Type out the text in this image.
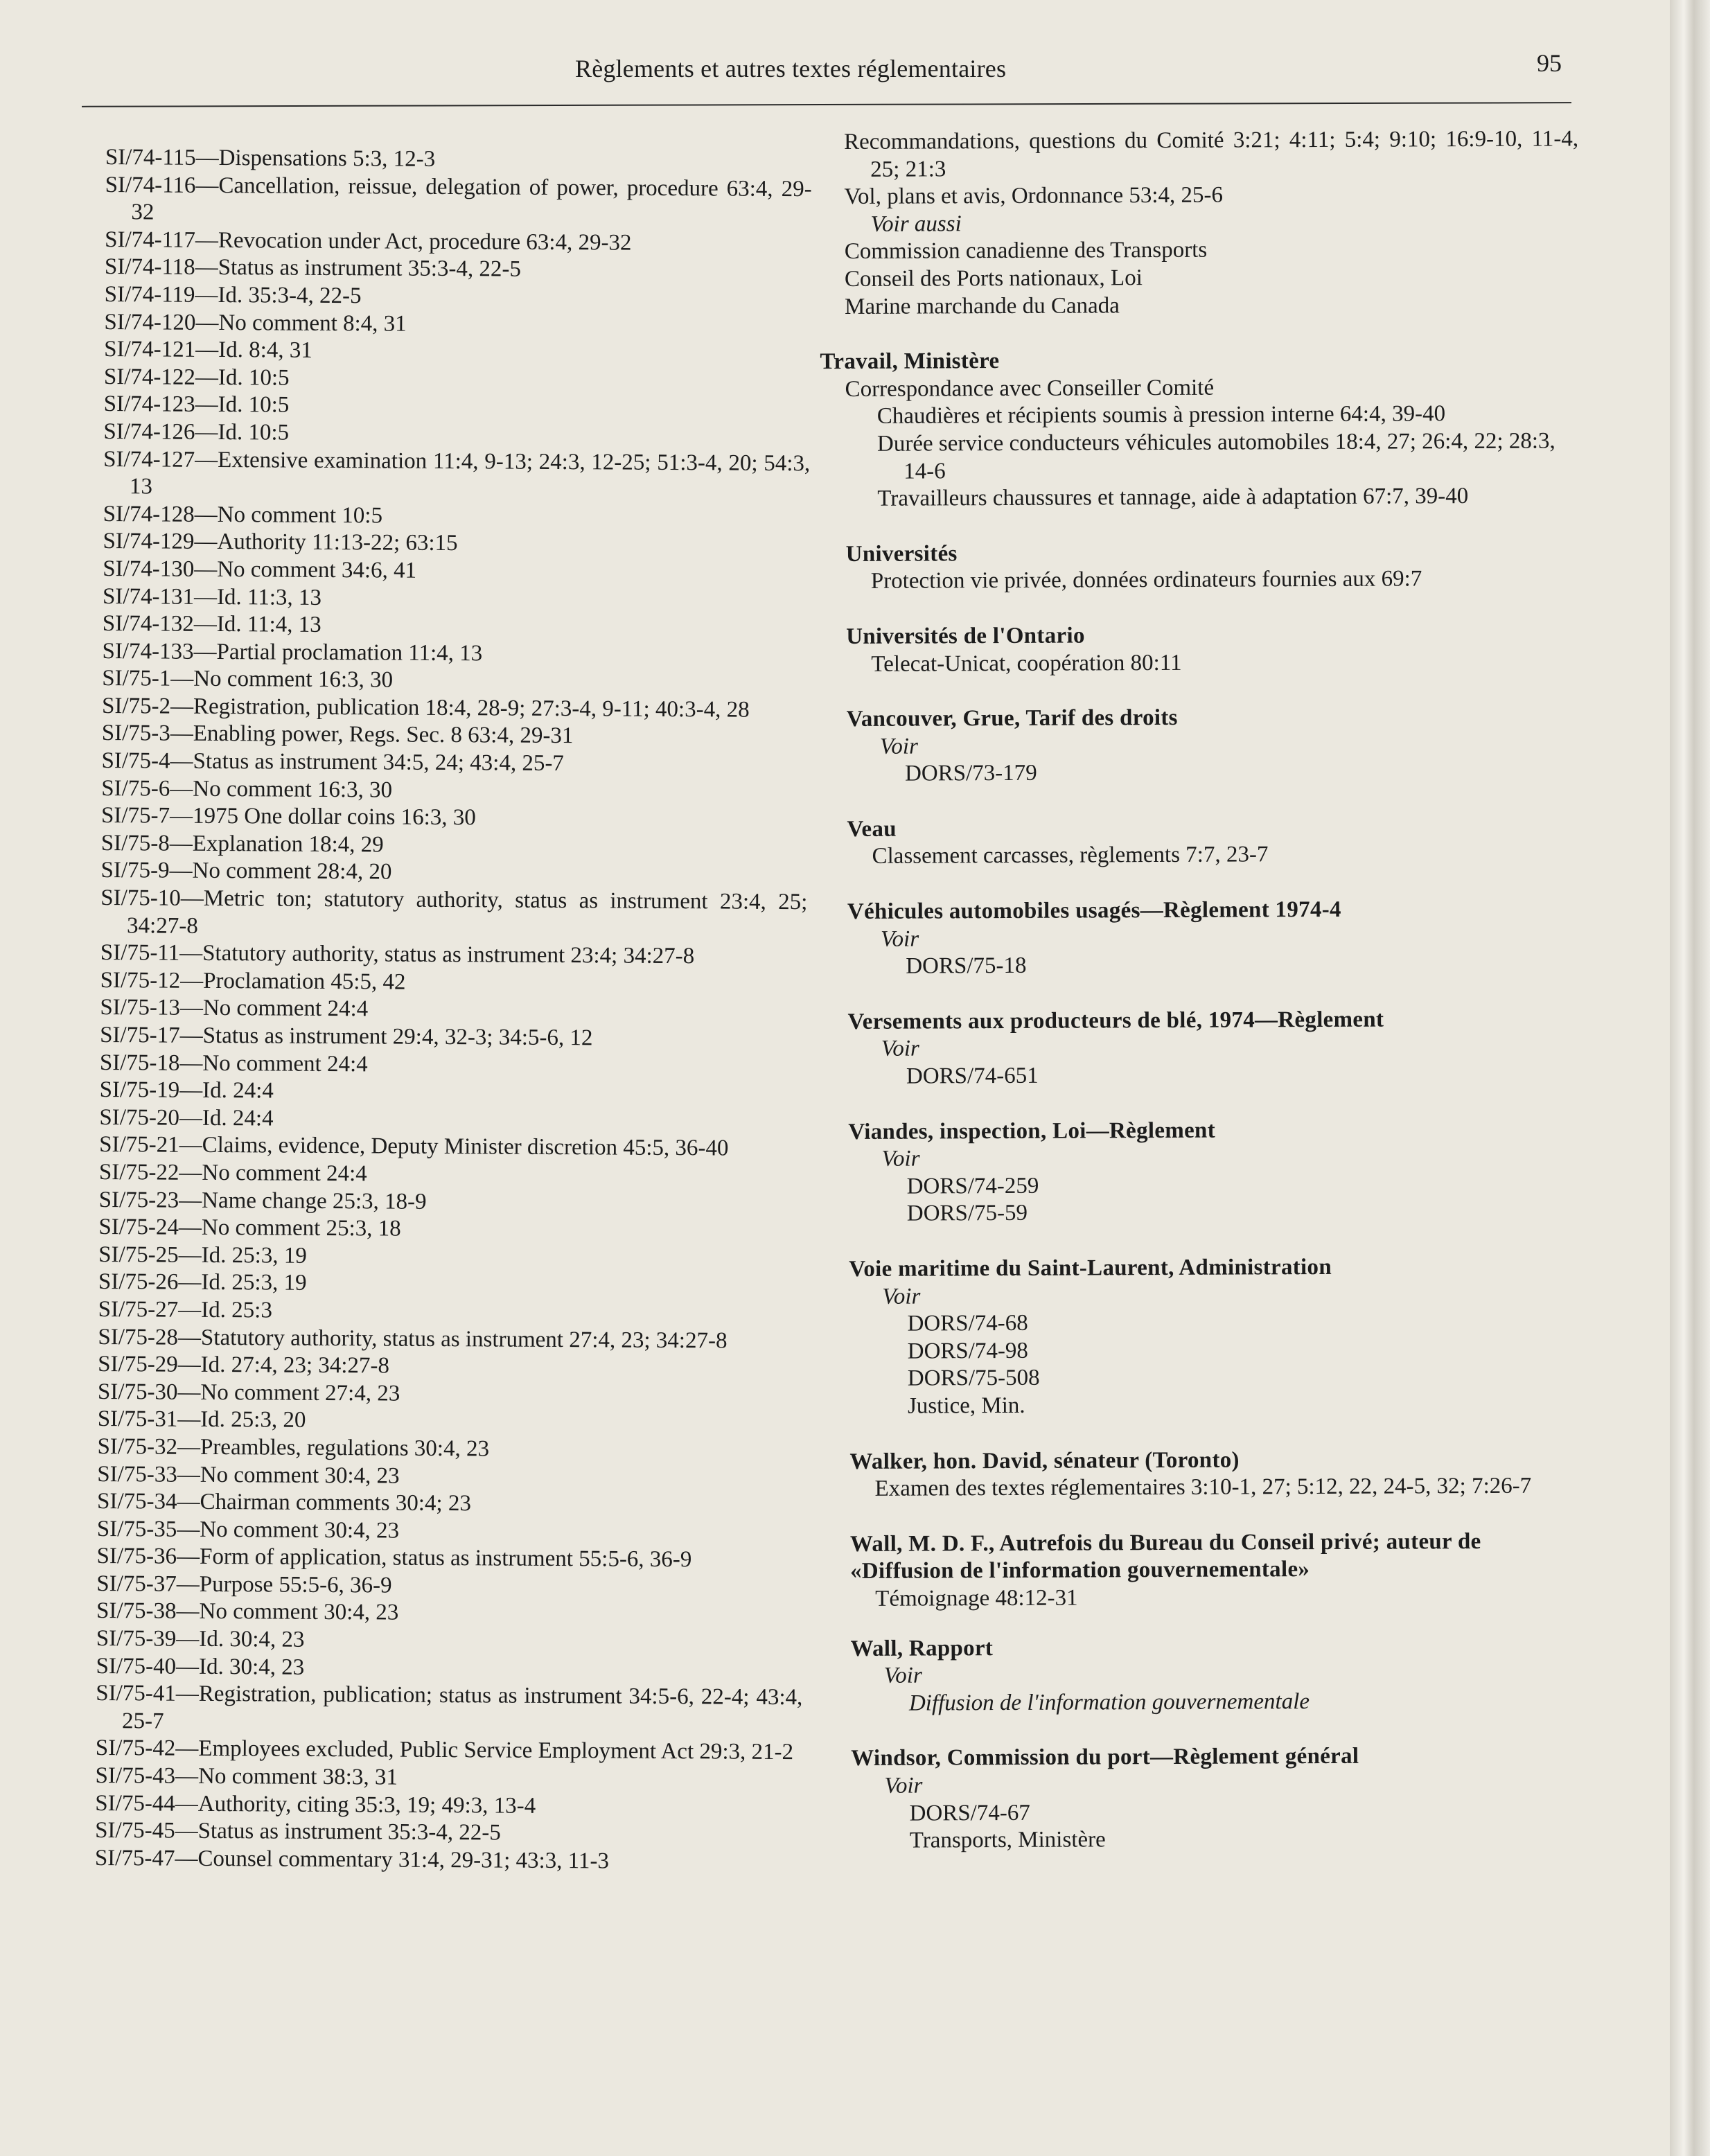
Règlements et autres textes réglementaires	95
SI/74-115—Dispensations 5:3, 12-3
SI/74-116—Cancellation, reissue, delegation of power, procedure 63:4, 29-32
SI/74-117—Revocation under Act, procedure 63:4, 29-32
SI/74-118—Status as instrument 35:3-4, 22-5
SI/74-119—Id. 35:3-4, 22-5
SI/74-120—No comment 8:4, 31
SI/74-121—Id. 8:4, 31
SI/74-122—Id. 10:5
SI/74-123—Id. 10:5
SI/74-126—Id. 10:5
SI/74-127—Extensive examination 11:4, 9-13; 24:3, 12-25; 51:3-4, 20; 54:3, 13
SI/74-128—No comment 10:5
SI/74-129—Authority 11:13-22; 63:15
SI/74-130—No comment 34:6, 41
SI/74-131—Id. 11:3, 13
SI/74-132—Id. 11:4, 13
SI/74-133—Partial proclamation 11:4, 13
SI/75-1—No comment 16:3, 30
SI/75-2—Registration, publication 18:4, 28-9; 27:3-4, 9-11; 40:3-4, 28
SI/75-3—Enabling power, Regs. Sec. 8 63:4, 29-31
SI/75-4—Status as instrument 34:5, 24; 43:4, 25-7
SI/75-6—No comment 16:3, 30
SI/75-7—1975 One dollar coins 16:3, 30
SI/75-8—Explanation 18:4, 29
SI/75-9—No comment 28:4, 20
SI/75-10—Metric ton; statutory authority, status as instrument 23:4, 25; 34:27-8
SI/75-11—Statutory authority, status as instrument 23:4; 34:27-8
SI/75-12—Proclamation 45:5, 42
SI/75-13—No comment 24:4
SI/75-17—Status as instrument 29:4, 32-3; 34:5-6, 12
SI/75-18—No comment 24:4
SI/75-19—Id. 24:4
SI/75-20—Id. 24:4
SI/75-21—Claims, evidence, Deputy Minister discretion 45:5, 36-40
SI/75-22—No comment 24:4
SI/75-23—Name change 25:3, 18-9
SI/75-24—No comment 25:3, 18
SI/75-25—Id. 25:3, 19
SI/75-26—Id. 25:3, 19
SI/75-27—Id. 25:3
SI/75-28—Statutory authority, status as instrument 27:4, 23; 34:27-8
SI/75-29—Id. 27:4, 23; 34:27-8
SI/75-30—No comment 27:4, 23
SI/75-31—Id. 25:3, 20
SI/75-32—Preambles, regulations 30:4, 23
SI/75-33—No comment 30:4, 23
SI/75-34—Chairman comments 30:4; 23
SI/75-35—No comment 30:4, 23
SI/75-36—Form of application, status as instrument 55:5-6, 36-9
SI/75-37—Purpose 55:5-6, 36-9
SI/75-38—No comment 30:4, 23
SI/75-39—Id. 30:4, 23
SI/75-40—Id. 30:4, 23
SI/75-41—Registration, publication; status as instrument 34:5-6, 22-4; 43:4, 25-7
SI/75-42—Employees excluded, Public Service Employment Act 29:3, 21-2
SI/75-43—No comment 38:3, 31
SI/75-44—Authority, citing 35:3, 19; 49:3, 13-4
SI/75-45—Status as instrument 35:3-4, 22-5
SI/75-47—Counsel commentary 31:4, 29-31; 43:3, 11-3
Recommandations, questions du Comité 3:21; 4:11; 5:4; 9:10; 16:9-10, 11-4, 25; 21:3
Vol, plans et avis, Ordonnance 53:4, 25-6
Voir aussi
Commission canadienne des Transports
Conseil des Ports nationaux, Loi
Marine marchande du Canada
Travail, Ministère
Correspondance avec Conseiller Comité
Chaudières et récipients soumis à pression interne 64:4, 39-40
Durée service conducteurs véhicules automobiles 18:4, 27; 26:4, 22; 28:3, 14-6
Travailleurs chaussures et tannage, aide à adaptation 67:7, 39-40
Universités
Protection vie privée, données ordinateurs fournies aux 69:7
Universités de l'Ontario
Telecat-Unicat, coopération 80:11
Vancouver, Grue, Tarif des droits
Voir
DORS/73-179
Veau
Classement carcasses, règlements 7:7, 23-7
Véhicules automobiles usagés—Règlement 1974-4
Voir
DORS/75-18
Versements aux producteurs de blé, 1974—Règlement
Voir
DORS/74-651
Viandes, inspection, Loi—Règlement
Voir
DORS/74-259
DORS/75-59
Voie maritime du Saint-Laurent, Administration
Voir
DORS/74-68
DORS/74-98
DORS/75-508
Justice, Min.
Walker, hon. David, sénateur (Toronto)
Examen des textes réglementaires 3:10-1, 27; 5:12, 22, 24-5, 32; 7:26-7
Wall, M. D. F., Autrefois du Bureau du Conseil privé; auteur de «Diffusion de l'information gouvernementale»
Témoignage 48:12-31
Wall, Rapport
Voir
Diffusion de l'information gouvernementale
Windsor, Commission du port—Règlement général
Voir
DORS/74-67
Transports, Ministère
